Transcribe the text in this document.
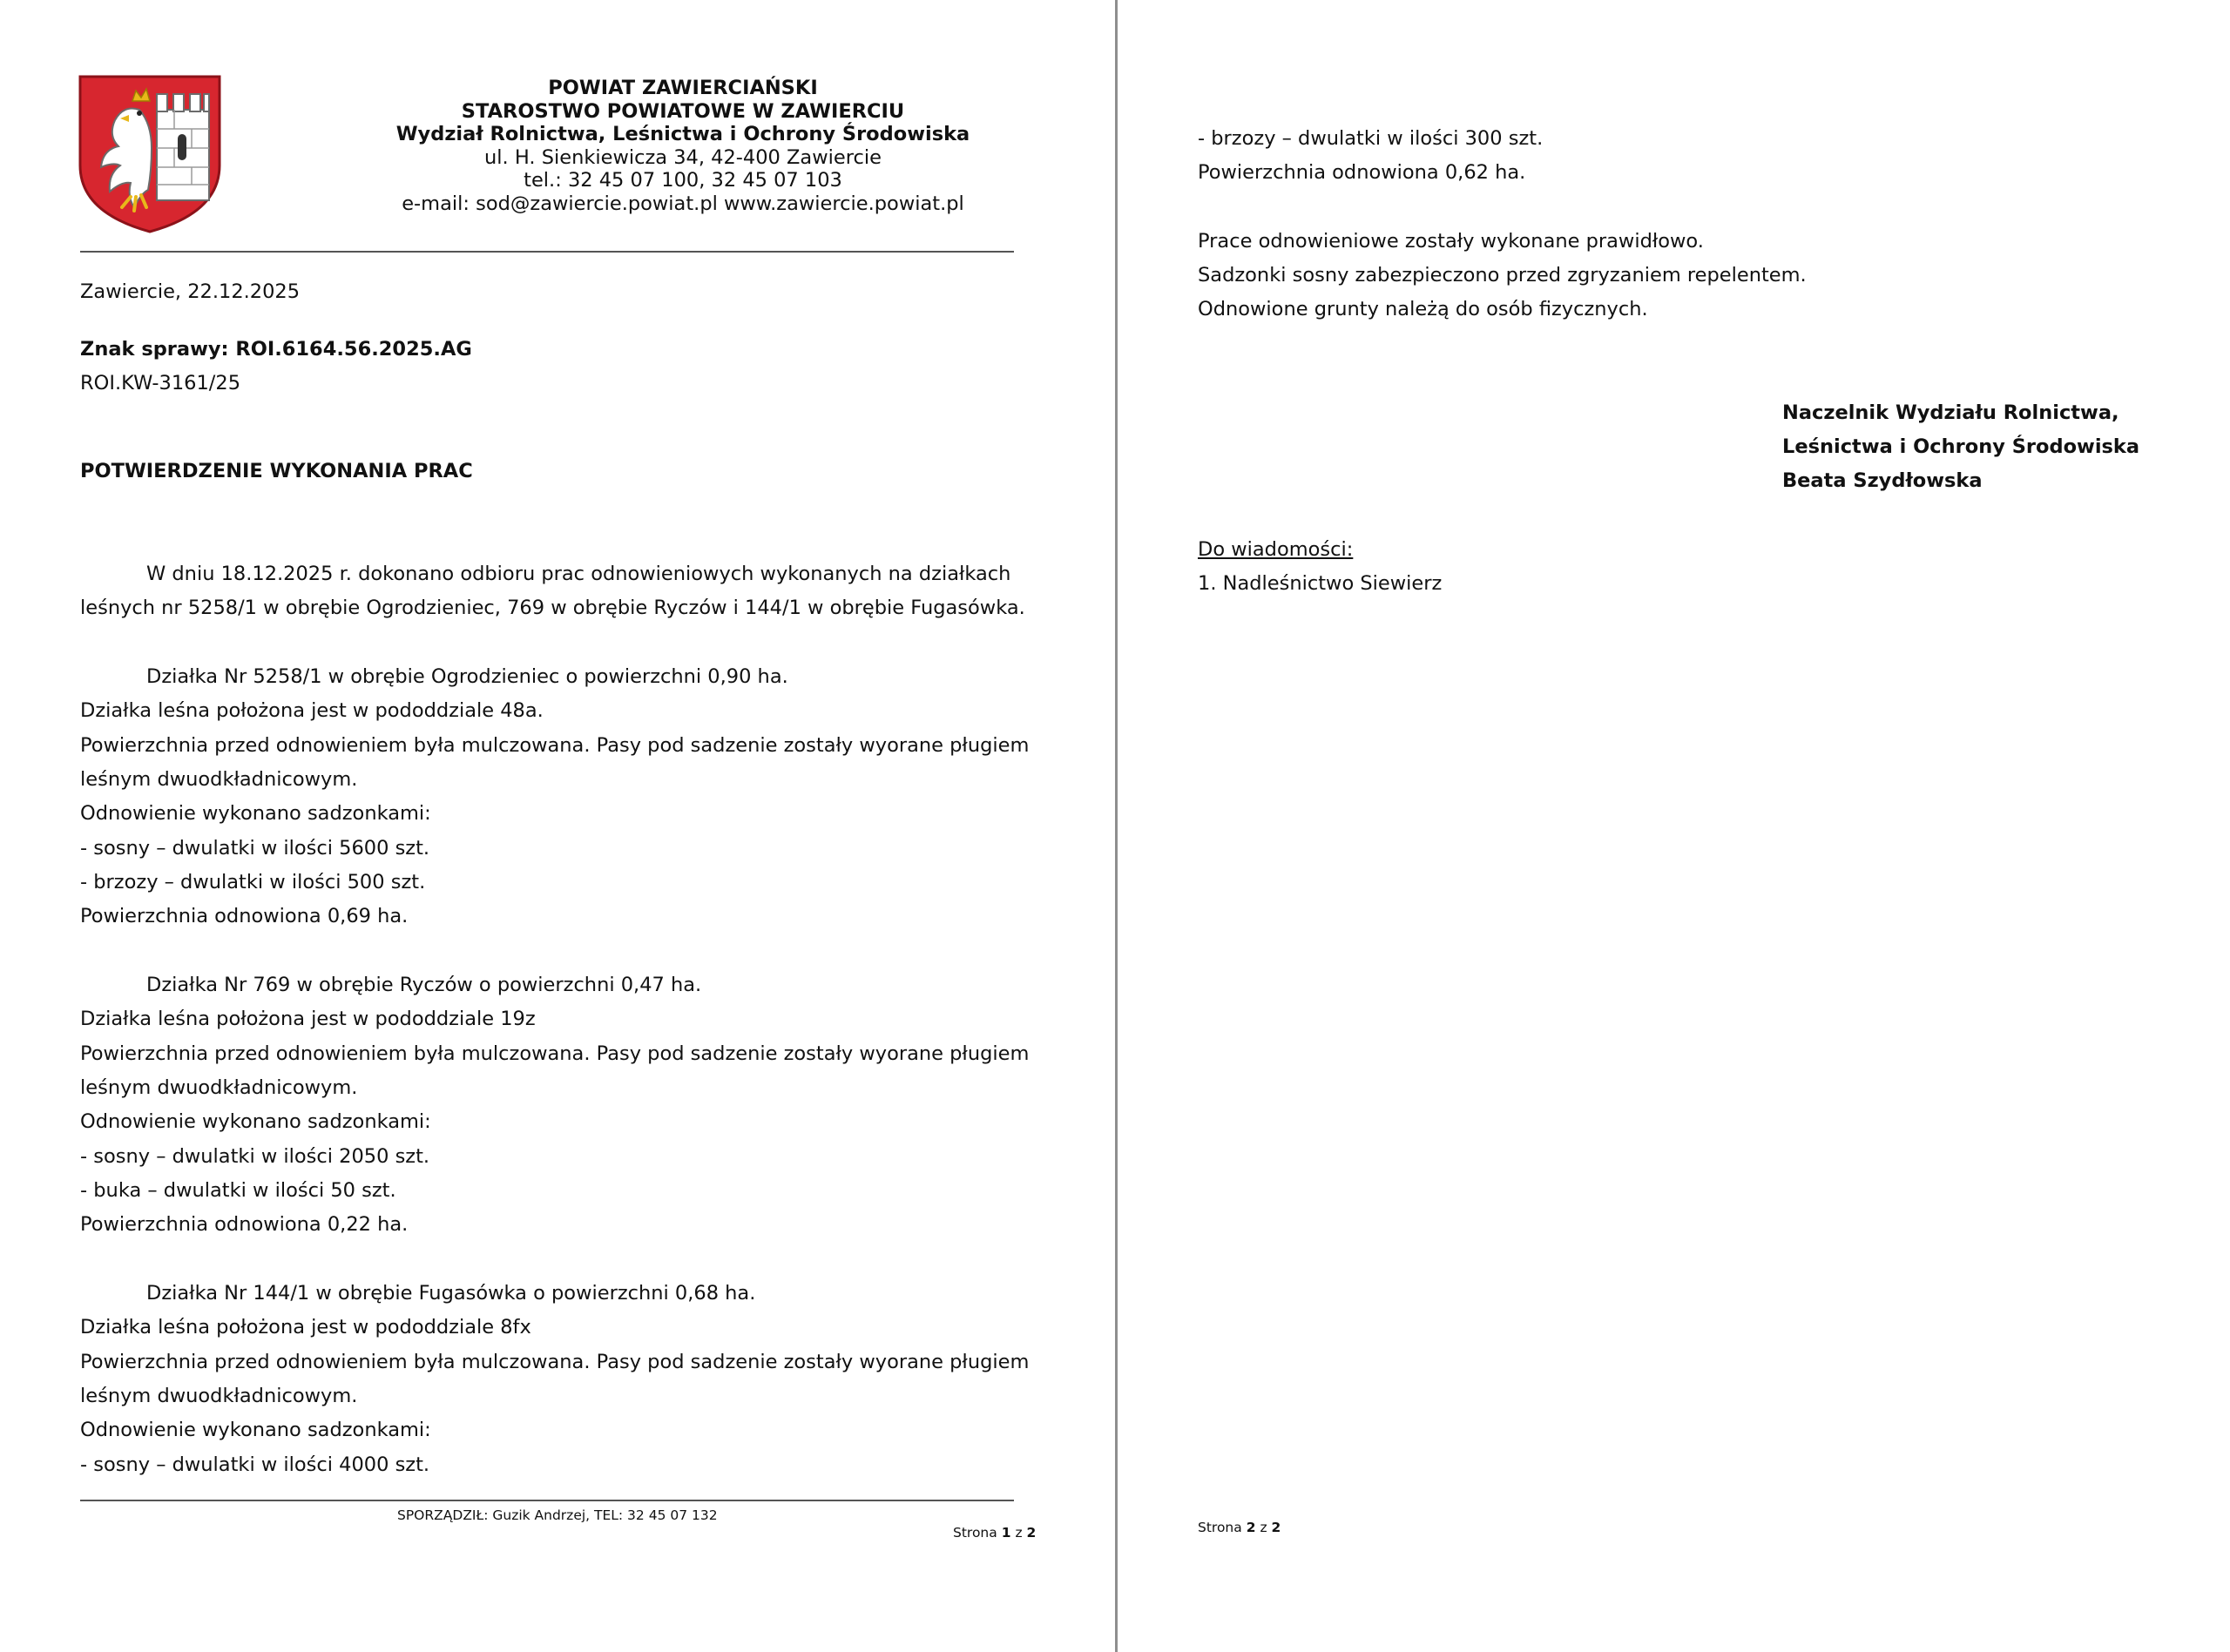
POWIAT ZAWIERCIAŃSKI
STAROSTWO POWIATOWE W ZAWIERCIU
Wydział Rolnictwa, Leśnictwa i Ochrony Środowiska
ul. H. Sienkiewicza 34, 42-400 Zawiercie
tel.: 32 45 07 100, 32 45 07 103
e-mail: sod@zawiercie.powiat.pl www.zawiercie.powiat.pl
Zawiercie, 22.12.2025
Znak sprawy: ROI.6164.56.2025.AG
ROI.KW-3161/25
POTWIERDZENIE WYKONANIA PRAC
W dniu 18.12.2025 r. dokonano odbioru prac odnowieniowych wykonanych na działkach
leśnych nr 5258/1 w obrębie Ogrodzieniec, 769 w obrębie Ryczów i 144/1 w obrębie Fugasówka.
Działka Nr 5258/1 w obrębie Ogrodzieniec o powierzchni 0,90 ha.
Działka leśna położona jest w pododdziale 48a.
Powierzchnia przed odnowieniem była mulczowana. Pasy pod sadzenie zostały wyorane pługiem
leśnym dwuodkładnicowym.
Odnowienie wykonano sadzonkami:
- sosny – dwulatki w ilości 5600 szt.
- brzozy – dwulatki w ilości 500 szt.
Powierzchnia odnowiona 0,69 ha.
Działka Nr 769 w obrębie Ryczów o powierzchni 0,47 ha.
Działka leśna położona jest w pododdziale 19z
Powierzchnia przed odnowieniem była mulczowana. Pasy pod sadzenie zostały wyorane pługiem
leśnym dwuodkładnicowym.
Odnowienie wykonano sadzonkami:
- sosny – dwulatki w ilości 2050 szt.
- buka – dwulatki w ilości 50 szt.
Powierzchnia odnowiona 0,22 ha.
Działka Nr 144/1 w obrębie Fugasówka o powierzchni 0,68 ha.
Działka leśna położona jest w pododdziale 8fx
Powierzchnia przed odnowieniem była mulczowana. Pasy pod sadzenie zostały wyorane pługiem
leśnym dwuodkładnicowym.
Odnowienie wykonano sadzonkami:
- sosny – dwulatki w ilości 4000 szt.
SPORZĄDZIŁ: Guzik Andrzej, TEL: 32 45 07 132
Strona 1 z 2
- brzozy – dwulatki w ilości 300 szt.
Powierzchnia odnowiona 0,62 ha.
Prace odnowieniowe zostały wykonane prawidłowo.
Sadzonki sosny zabezpieczono przed zgryzaniem repelentem.
Odnowione grunty należą do osób fizycznych.
Naczelnik Wydziału Rolnictwa,
Leśnictwa i Ochrony Środowiska
Beata Szydłowska
Do wiadomości:
1. Nadleśnictwo Siewierz
Strona 2 z 2
